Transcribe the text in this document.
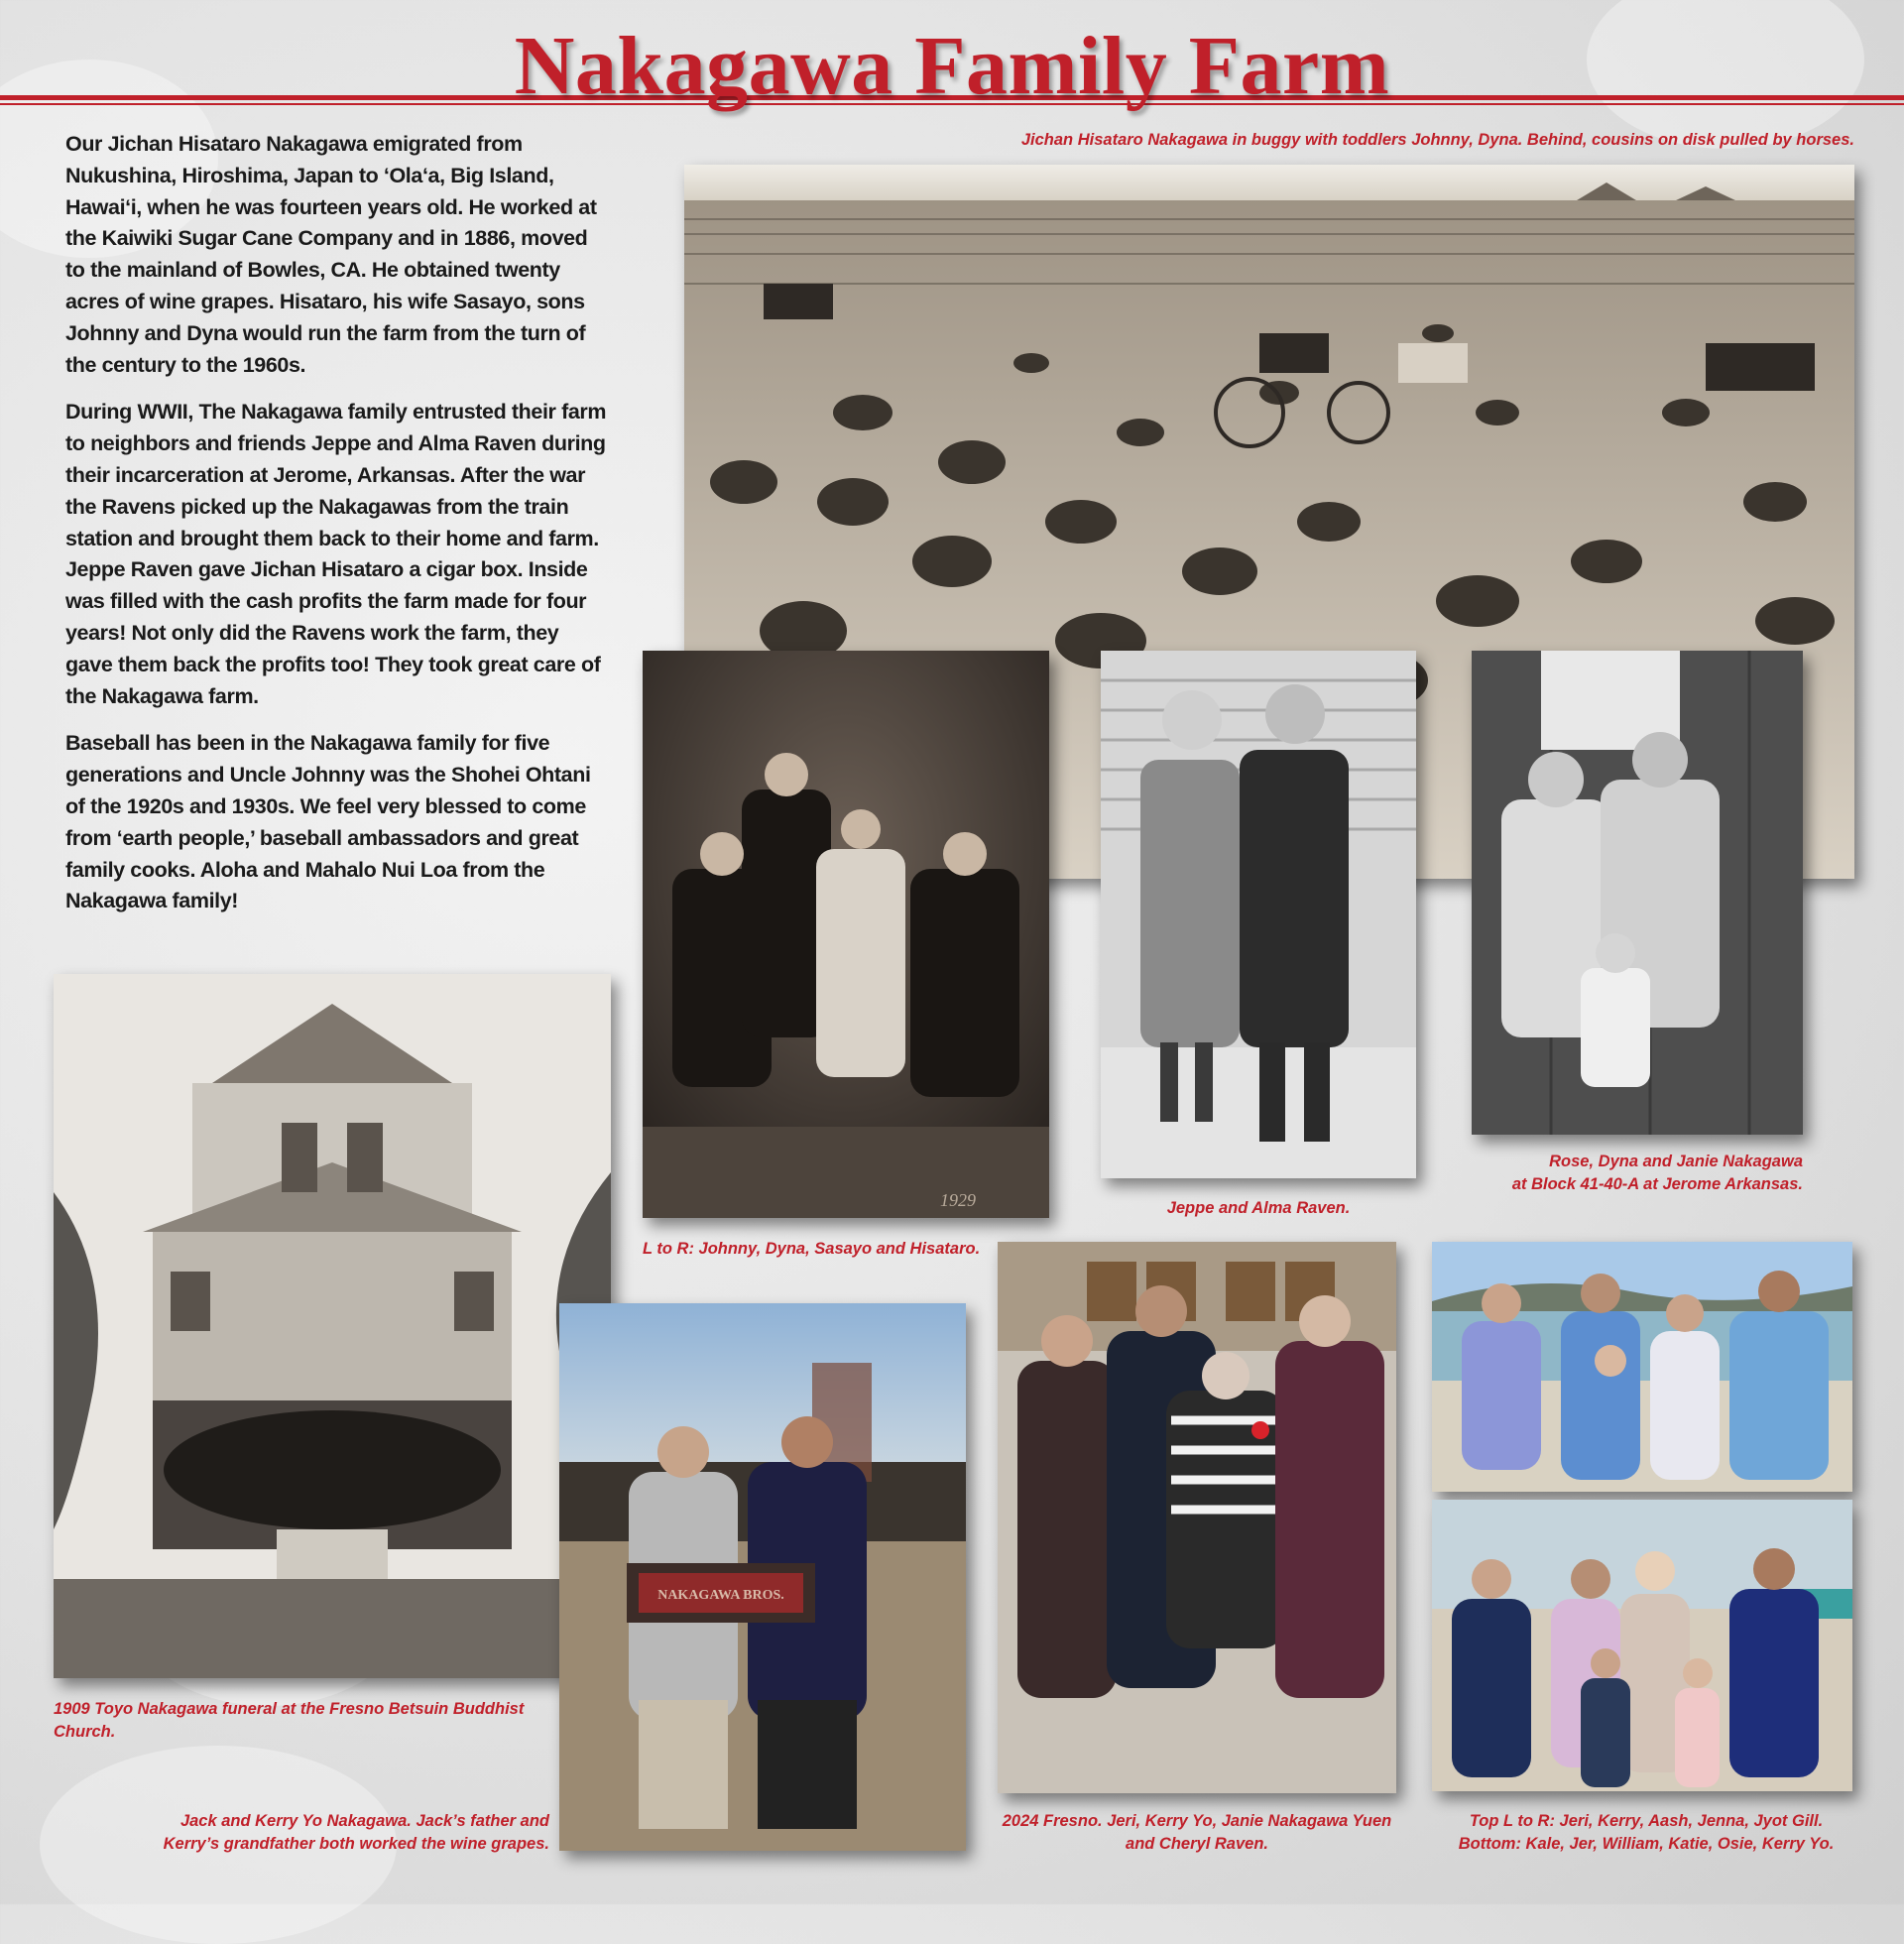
Nakagawa Family Farm

Our Jichan Hisataro Nakagawa emigrated from Nukushina, Hiroshima, Japan to ‘Ola‘a, Big Island, Hawai‘i, when he was fourteen years old. He worked at the Kaiwiki Sugar Cane Company and in 1886, moved to the mainland of Bowles, CA. He obtained twenty acres of wine grapes. Hisataro, his wife Sasayo, sons Johnny and Dyna would run the farm from the turn of the century to the 1960s.

During WWII, The Nakagawa family entrusted their farm to neighbors and friends Jeppe and Alma Raven during their incarceration at Jerome, Arkansas. After the war the Ravens picked up the Nakagawas from the train station and brought them back to their home and farm. Jeppe Raven gave Jichan Hisataro a cigar box. Inside was filled with the cash profits the farm made for four years! Not only did the Ravens work the farm, they gave them back the profits too! They took great care of the Nakagawa farm.

Baseball has been in the Nakagawa family for five generations and Uncle Johnny was the Shohei Ohtani of the 1920s and 1930s. We feel very blessed to come from ‘earth people,’ baseball ambassadors and great family cooks. Aloha and Mahalo Nui Loa from the Nakagawa family!

Jichan Hisataro Nakagawa in buggy with toddlers Johnny, Dyna. Behind, cousins on disk pulled by horses.
1929
L to R: Johnny, Dyna, Sasayo and Hisataro.
Jeppe and Alma Raven.
Rose, Dyna and Janie Nakagawa
at Block 41-40-A at Jerome Arkansas.
1909 Toyo Nakagawa funeral at the Fresno Betsuin Buddhist Church.
NAKAGAWA BROS.
Jack and Kerry Yo Nakagawa. Jack’s father and
Kerry’s grandfather both worked the wine grapes.
2024 Fresno. Jeri, Kerry Yo, Janie Nakagawa Yuen
and Cheryl Raven.
Top L to R: Jeri, Kerry, Aash, Jenna, Jyot Gill.
Bottom: Kale, Jer, William, Katie, Osie, Kerry Yo.
